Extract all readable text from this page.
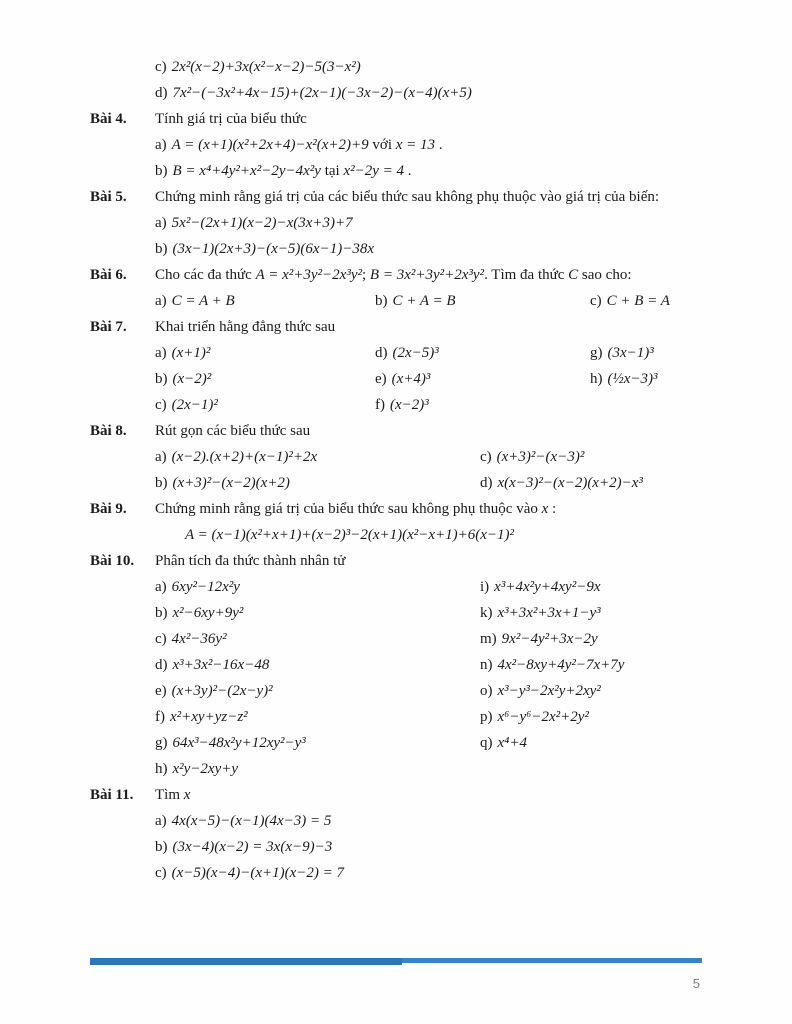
c) 2x²(x−2)+3x(x²−x−2)−5(3−x²)
d) 7x²−(−3x²+4x−15)+(2x−1)(−3x−2)−(x−4)(x+5)
Bài 4.	Tính giá trị của biểu thức
a) A = (x+1)(x²+2x+4)−x²(x+2)+9 với x = 13 .
b) B = x⁴+4y²+x²−2y−4x²y tại x²−2y = 4 .
Bài 5.	Chứng minh rằng giá trị của các biểu thức sau không phụ thuộc vào giá trị của biến:
a) 5x²−(2x+1)(x−2)−x(3x+3)+7
b) (3x−1)(2x+3)−(x−5)(6x−1)−38x
Bài 6.	Cho các đa thức A = x²+3y²−2x³y²; B = 3x²+3y²+2x³y². Tìm đa thức C sao cho:
a) C = A + B	b) C + A = B	c) C + B = A
Bài 7.	Khai triển hằng đẳng thức sau
a) (x+1)²	d) (2x−5)³	g) (3x−1)³
b) (x−2)²	e) (x+4)³	h) (½x−3)³
c) (2x−1)²	f) (x−2)³
Bài 8.	Rút gọn các biểu thức sau
a) (x−2).(x+2)+(x−1)²+2x	c) (x+3)²−(x−3)²
b) (x+3)²−(x−2)(x+2)	d) x(x−3)²−(x−2)(x+2)−x³
Bài 9.	Chứng minh rằng giá trị của biểu thức sau không phụ thuộc vào x :
A = (x−1)(x²+x+1)+(x−2)³−2(x+1)(x²−x+1)+6(x−1)²
Bài 10.	Phân tích đa thức thành nhân tử
a) 6xy²−12x²y	i) x³+4x²y+4xy²−9x
b) x²−6xy+9y²	k) x³+3x²+3x+1−y³
c) 4x²−36y²	m) 9x²−4y²+3x−2y
d) x³+3x²−16x−48	n) 4x²−8xy+4y²−7x+7y
e) (x+3y)²−(2x−y)²	o) x³−y³−2x²y+2xy²
f) x²+xy+yz−z²	p) x⁶−y⁶−2x²+2y²
g) 64x³−48x²y+12xy²−y³	q) x⁴+4
h) x²y−2xy+y
Bài 11.	Tìm x
a) 4x(x−5)−(x−1)(4x−3) = 5
b) (3x−4)(x−2) = 3x(x−9)−3
c) (x−5)(x−4)−(x+1)(x−2) = 7
5
